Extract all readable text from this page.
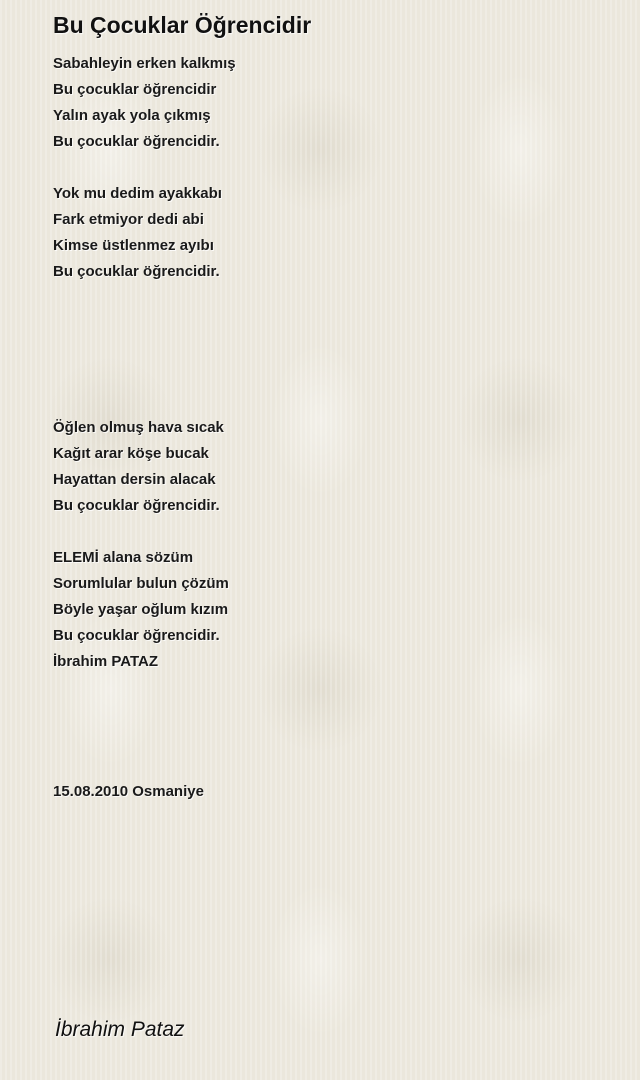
Bu Çocuklar Öğrencidir
Sabahleyin erken kalkmış
Bu çocuklar öğrencidir
Yalın ayak yola çıkmış
Bu çocuklar öğrencidir.
Yok mu dedim ayakkabı
Fark etmiyor dedi abi
Kimse üstlenmez ayıbı
Bu çocuklar öğrencidir.
Öğlen olmuş hava sıcak
Kağıt arar köşe bucak
Hayattan dersin alacak
Bu çocuklar öğrencidir.
ELEMİ alana sözüm
Sorumlular bulun çözüm
Böyle yaşar oğlum kızım
Bu çocuklar öğrencidir.
İbrahim PATAZ
15.08.2010 Osmaniye
İbrahim Pataz
